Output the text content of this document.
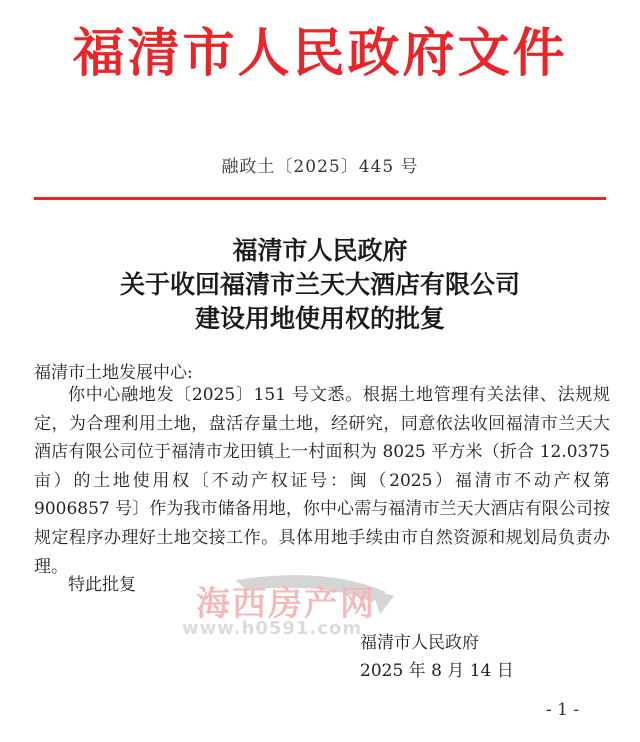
福清市人民政府文件
融政土〔2025〕445 号
福清市人民政府
关于收回福清市兰天大酒店有限公司
建设用地使用权的批复
福清市土地发展中心:
你中心融地发〔2025〕151 号文悉。根据土地管理有关法律、法规规定，为合理利用土地，盘活存量土地，经研究，同意依法收回福清市兰天大酒店有限公司位于福清市龙田镇上一村面积为 8025 平方米（折合 12.0375 亩）的土地使用权〔不动产权证号：闽（2025）福清市不动产权第 9006857 号〕作为我市储备用地，你中心需与福清市兰天大酒店有限公司按规定程序办理好土地交接工作。具体用地手续由市自然资源和规划局负责办理。
特此批复 海西房产网
www.h0591.com
福清市人民政府
2025 年 8 月 14 日
- 1 -
